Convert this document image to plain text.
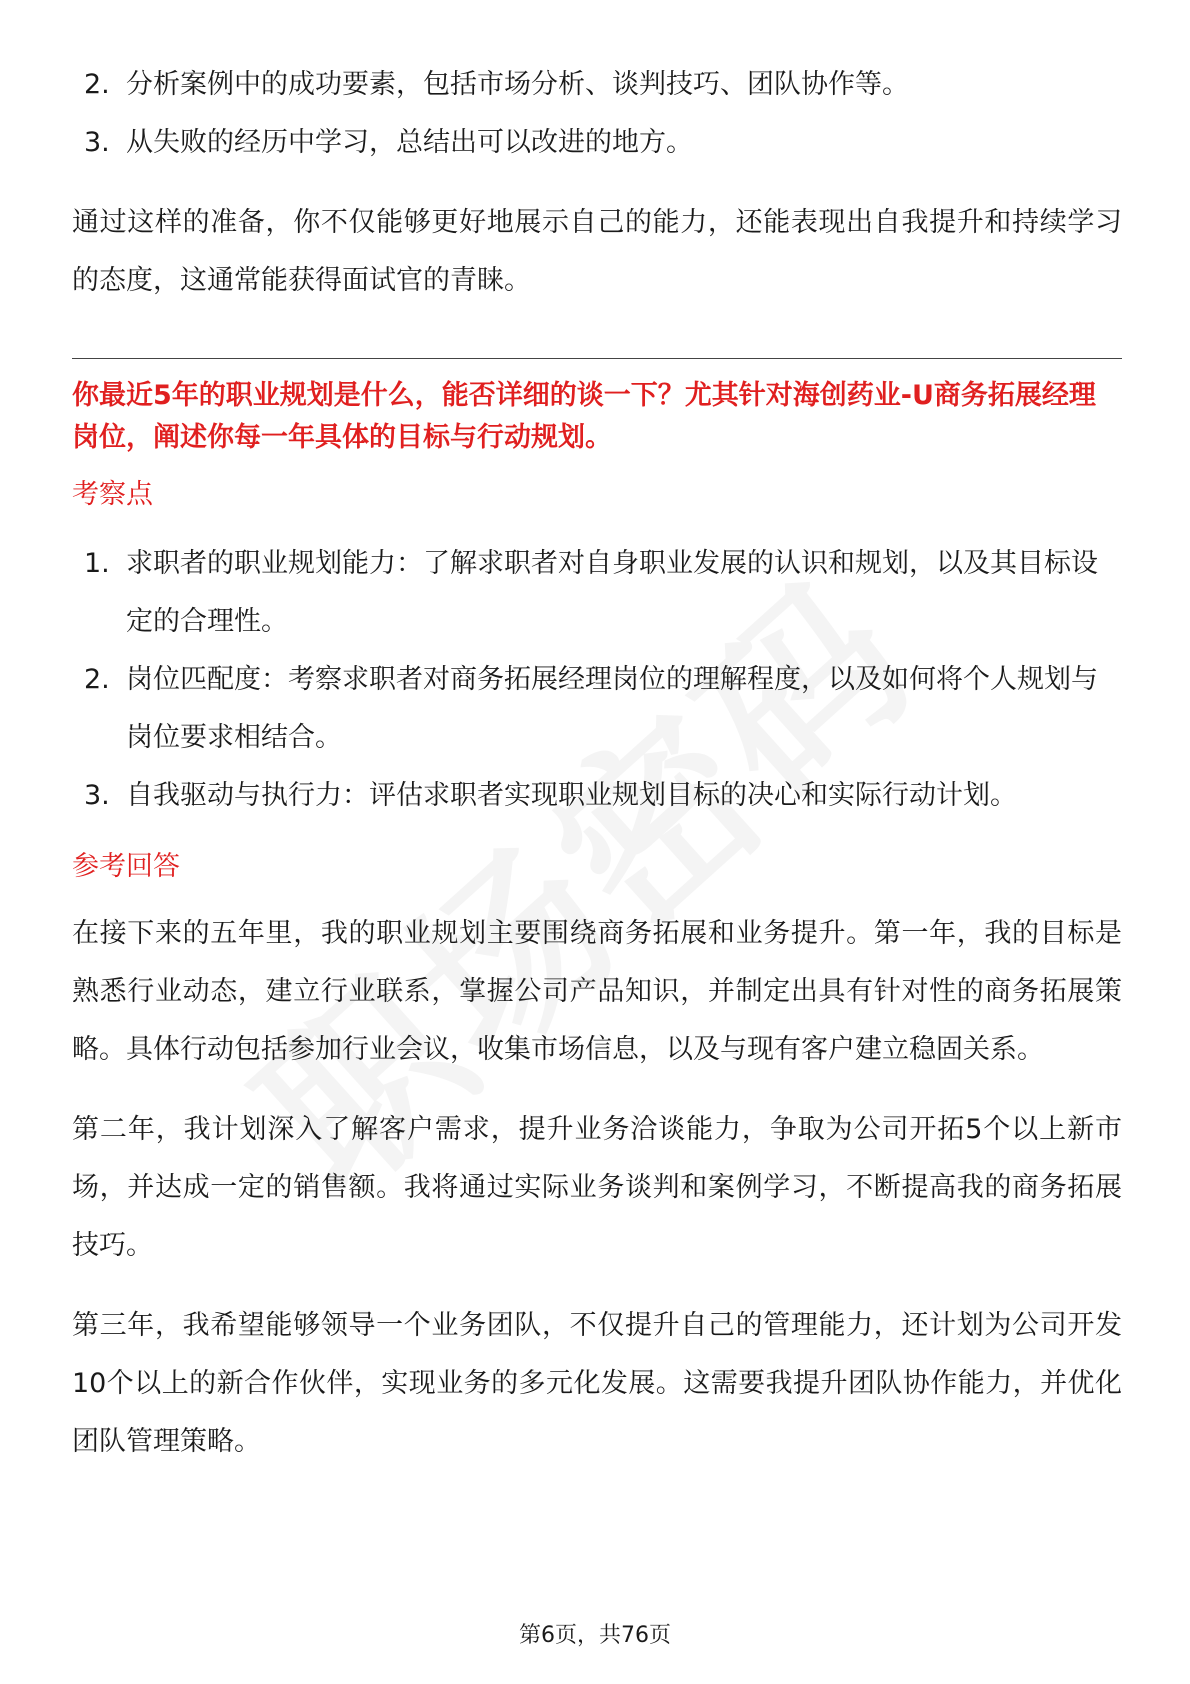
2. 分析案例中的成功要素，包括市场分析、谈判技巧、团队协作等。
3. 从失败的经历中学习，总结出可以改进的地方。

通过这样的准备，你不仅能够更好地展示自己的能力，还能表现出自我提升和持续学习的态度，这通常能获得面试官的青睐。

你最近5年的职业规划是什么，能否详细的谈一下？尤其针对海创药业-U商务拓展经理岗位，阐述你每一年具体的目标与行动规划。

考察点

1. 求职者的职业规划能力：了解求职者对自身职业发展的认识和规划，以及其目标设定的合理性。
2. 岗位匹配度：考察求职者对商务拓展经理岗位的理解程度，以及如何将个人规划与岗位要求相结合。
3. 自我驱动与执行力：评估求职者实现职业规划目标的决心和实际行动计划。

参考回答

在接下来的五年里，我的职业规划主要围绕商务拓展和业务提升。第一年，我的目标是熟悉行业动态，建立行业联系，掌握公司产品知识，并制定出具有针对性的商务拓展策略。具体行动包括参加行业会议，收集市场信息，以及与现有客户建立稳固关系。

第二年，我计划深入了解客户需求，提升业务洽谈能力，争取为公司开拓5个以上新市场，并达成一定的销售额。我将通过实际业务谈判和案例学习，不断提高我的商务拓展技巧。

第三年，我希望能够领导一个业务团队，不仅提升自己的管理能力，还计划为公司开发10个以上的新合作伙伴，实现业务的多元化发展。这需要我提升团队协作能力，并优化团队管理策略。

第6页，共76页
